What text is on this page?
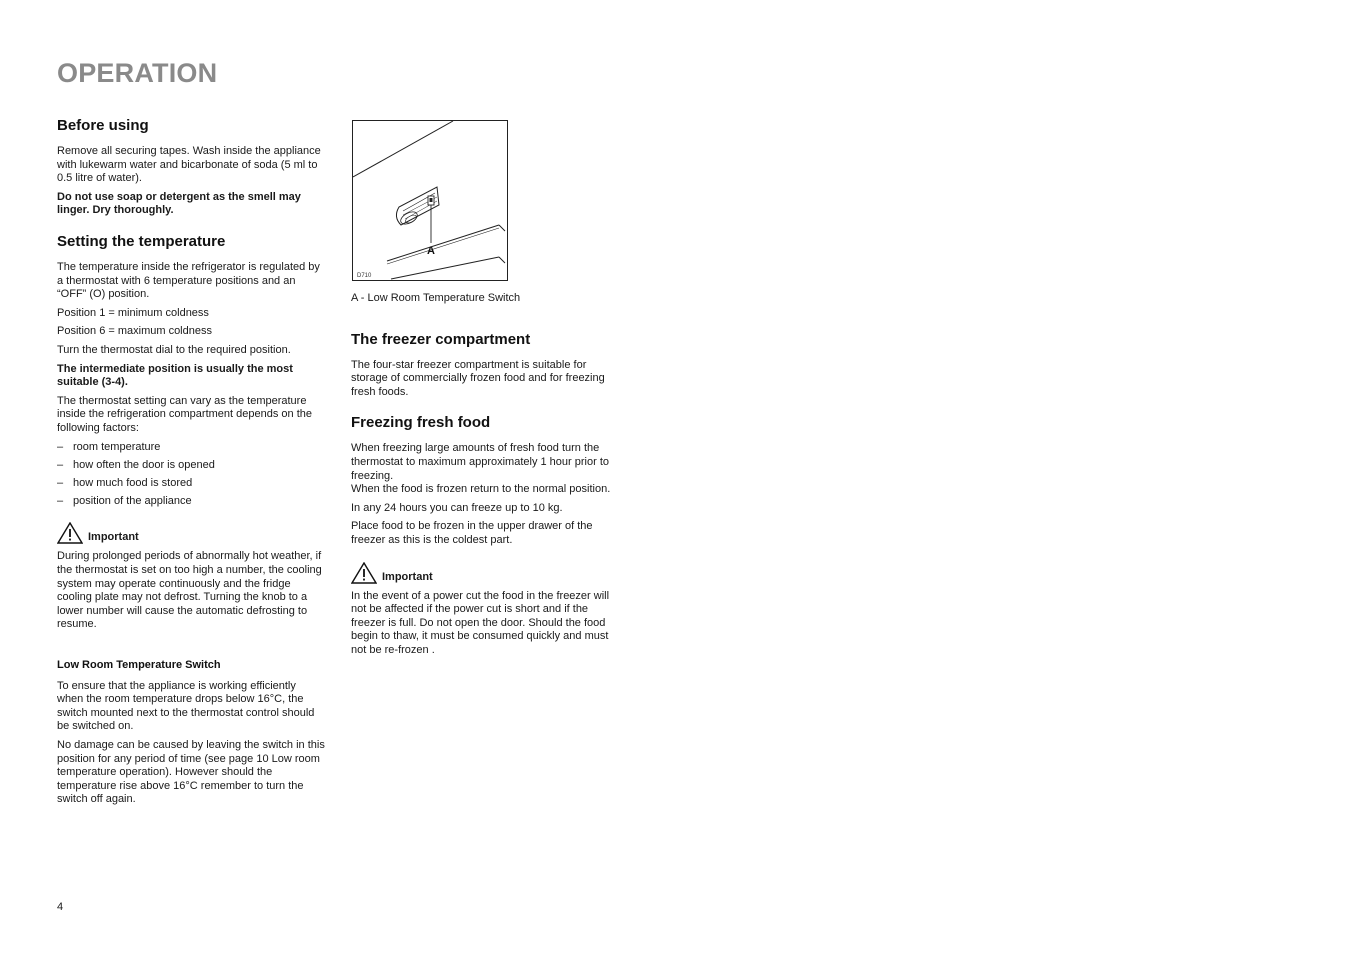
OPERATION
Before using

Remove all securing tapes. Wash inside the appliance with lukewarm water and bicarbonate of soda (5 ml to 0.5 litre of water).

Do not use soap or detergent as the smell may linger. Dry thoroughly.

Setting the temperature

The temperature inside the refrigerator is regulated by a thermostat with 6 temperature positions and an “OFF” (O) position.

Position 1 = minimum coldness

Position 6 = maximum coldness

Turn the thermostat dial to the required position.

The intermediate position is usually the most suitable (3-4).

The thermostat setting can vary as the temperature inside the refrigeration compartment depends on the following factors:

– room temperature
– how often the door is opened
– how much food is stored
– position of the appliance
Important

During prolonged periods of abnormally hot weather, if the thermostat is set on too high a number, the cooling system may operate continuously and the fridge cooling plate may not defrost. Turning the knob to a lower number will cause the automatic defrosting to resume.

Low Room Temperature Switch

To ensure that the appliance is working efficiently when the room temperature drops below 16°C, the switch mounted next to the thermostat control should be switched on.

No damage can be caused by leaving the switch in this position for any period of time (see page 10 Low room temperature operation). However should the temperature rise above 16°C remember to turn the switch off again.

A
D710

A - Low Room Temperature Switch

The freezer compartment

The four-star freezer compartment is suitable for storage of commercially frozen food and for freezing fresh foods.

Freezing fresh food

When freezing large amounts of fresh food turn the thermostat to maximum approximately 1 hour prior to freezing.

When the food is frozen return to the normal position.

In any 24 hours you can freeze up to 10 kg.

Place food to be frozen in the upper drawer of the freezer as this is the coldest part.

Important

In the event of a power cut the food in the freezer will not be affected if the power cut is short and if the freezer is full. Do not open the door. Should the food begin to thaw, it must be consumed quickly and must not be re-frozen .

4
